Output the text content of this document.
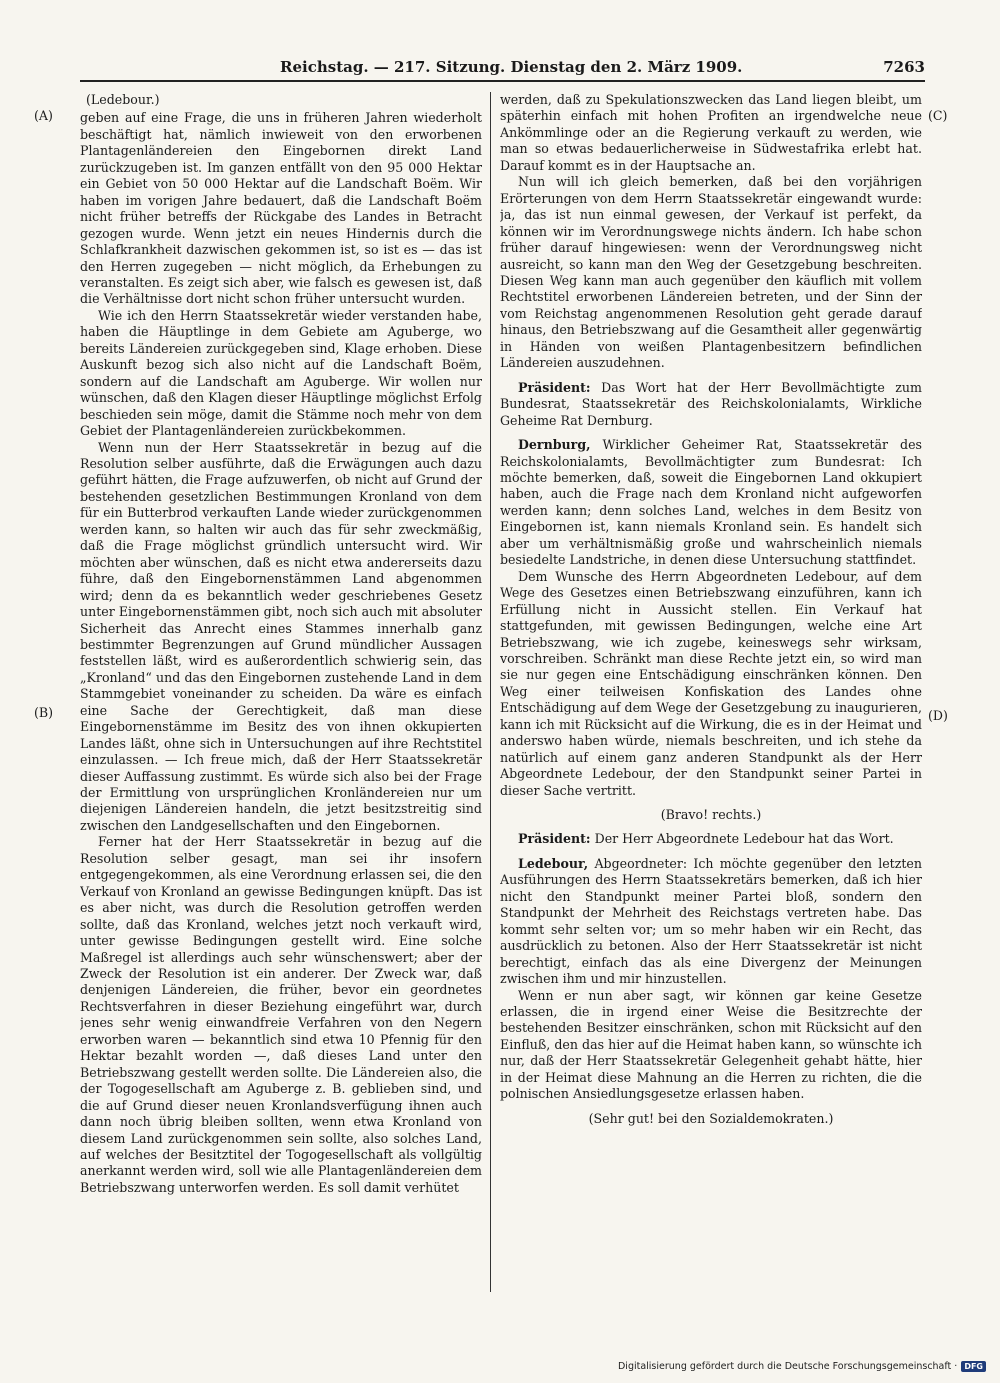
Reichstag. — 217. Sitzung. Dienstag den 2. März 1909.	7263
(A)
(B)
(C)
(D)
(Ledebour.)

geben auf eine Frage, die uns in früheren Jahren wiederholt beschäftigt hat, nämlich inwieweit von den erworbenen Plantagenländereien den Eingebornen direkt Land zurückzugeben ist. Im ganzen entfällt von den 95 000 Hektar ein Gebiet von 50 000 Hektar auf die Landschaft Boëm. Wir haben im vorigen Jahre bedauert, daß die Landschaft Boëm nicht früher betreffs der Rückgabe des Landes in Betracht gezogen wurde. Wenn jetzt ein neues Hindernis durch die Schlafkrankheit dazwischen gekommen ist, so ist es — das ist den Herren zugegeben — nicht möglich, da Erhebungen zu veranstalten. Es zeigt sich aber, wie falsch es gewesen ist, daß die Verhältnisse dort nicht schon früher untersucht wurden.

Wie ich den Herrn Staatssekretär wieder verstanden habe, haben die Häuptlinge in dem Gebiete am Aguberge, wo bereits Ländereien zurückgegeben sind, Klage erhoben. Diese Auskunft bezog sich also nicht auf die Landschaft Boëm, sondern auf die Landschaft am Aguberge. Wir wollen nur wünschen, daß den Klagen dieser Häuptlinge möglichst Erfolg beschieden sein möge, damit die Stämme noch mehr von dem Gebiet der Plantagenländereien zurückbekommen.

Wenn nun der Herr Staatssekretär in bezug auf die Resolution selber ausführte, daß die Erwägungen auch dazu geführt hätten, die Frage aufzuwerfen, ob nicht auf Grund der bestehenden gesetzlichen Bestimmungen Kronland von dem für ein Butterbrod verkauften Lande wieder zurückgenommen werden kann, so halten wir auch das für sehr zweckmäßig, daß die Frage möglichst gründlich untersucht wird. Wir möchten aber wünschen, daß es nicht etwa andererseits dazu führe, daß den Eingebornenstämmen Land abgenommen wird; denn da es bekanntlich weder geschriebenes Gesetz unter Eingebornenstämmen gibt, noch sich auch mit absoluter Sicherheit das Anrecht eines Stammes innerhalb ganz bestimmter Begrenzungen auf Grund mündlicher Aussagen feststellen läßt, wird es außerordentlich schwierig sein, das „Kronland“ und das den Eingebornen zustehende Land in dem Stammgebiet voneinander zu scheiden. Da wäre es einfach eine Sache der Gerechtigkeit, daß man diese Eingebornenstämme im Besitz des von ihnen okkupierten Landes läßt, ohne sich in Untersuchungen auf ihre Rechtstitel einzulassen. — Ich freue mich, daß der Herr Staatssekretär dieser Auffassung zustimmt. Es würde sich also bei der Frage der Ermittlung von ursprünglichen Kronländereien nur um diejenigen Ländereien handeln, die jetzt besitzstreitig sind zwischen den Landgesellschaften und den Eingebornen.

Ferner hat der Herr Staatssekretär in bezug auf die Resolution selber gesagt, man sei ihr insofern entgegengekommen, als eine Verordnung erlassen sei, die den Verkauf von Kronland an gewisse Bedingungen knüpft. Das ist es aber nicht, was durch die Resolution getroffen werden sollte, daß das Kronland, welches jetzt noch verkauft wird, unter gewisse Bedingungen gestellt wird. Eine solche Maßregel ist allerdings auch sehr wünschenswert; aber der Zweck der Resolution ist ein anderer. Der Zweck war, daß denjenigen Ländereien, die früher, bevor ein geordnetes Rechtsverfahren in dieser Beziehung eingeführt war, durch jenes sehr wenig einwandfreie Verfahren von den Negern erworben waren — bekanntlich sind etwa 10 Pfennig für den Hektar bezahlt worden —, daß dieses Land unter den Betriebszwang gestellt werden sollte. Die Ländereien also, die der Togogesellschaft am Aguberge z. B. geblieben sind, und die auf Grund dieser neuen Kronlandsverfügung ihnen auch dann noch übrig bleiben sollten, wenn etwa Kronland von diesem Land zurückgenommen sein sollte, also solches Land, auf welches der Besitztitel der Togogesellschaft als vollgültig anerkannt werden wird, soll wie alle Plantagenländereien dem Betriebszwang unterworfen werden. Es soll damit verhütet

werden, daß zu Spekulationszwecken das Land liegen bleibt, um späterhin einfach mit hohen Profiten an irgendwelche neue Ankömmlinge oder an die Regierung verkauft zu werden, wie man so etwas bedauerlicherweise in Südwestafrika erlebt hat. Darauf kommt es in der Hauptsache an.

Nun will ich gleich bemerken, daß bei den vorjährigen Erörterungen von dem Herrn Staatssekretär eingewandt wurde: ja, das ist nun einmal gewesen, der Verkauf ist perfekt, da können wir im Verordnungswege nichts ändern. Ich habe schon früher darauf hingewiesen: wenn der Verordnungsweg nicht ausreicht, so kann man den Weg der Gesetzgebung beschreiten. Diesen Weg kann man auch gegenüber den käuflich mit vollem Rechtstitel erworbenen Ländereien betreten, und der Sinn der vom Reichstag angenommenen Resolution geht gerade darauf hinaus, den Betriebszwang auf die Gesamtheit aller gegenwärtig in Händen von weißen Plantagenbesitzern befindlichen Ländereien auszudehnen.

Präsident: Das Wort hat der Herr Bevollmächtigte zum Bundesrat, Staatssekretär des Reichskolonialamts, Wirkliche Geheime Rat Dernburg.

Dernburg, Wirklicher Geheimer Rat, Staatssekretär des Reichskolonialamts, Bevollmächtigter zum Bundesrat: Ich möchte bemerken, daß, soweit die Eingebornen Land okkupiert haben, auch die Frage nach dem Kronland nicht aufgeworfen werden kann; denn solches Land, welches in dem Besitz von Eingebornen ist, kann niemals Kronland sein. Es handelt sich aber um verhältnismäßig große und wahrscheinlich niemals besiedelte Landstriche, in denen diese Untersuchung stattfindet.

Dem Wunsche des Herrn Abgeordneten Ledebour, auf dem Wege des Gesetzes einen Betriebszwang einzuführen, kann ich Erfüllung nicht in Aussicht stellen. Ein Verkauf hat stattgefunden, mit gewissen Bedingungen, welche eine Art Betriebszwang, wie ich zugebe, keineswegs sehr wirksam, vorschreiben. Schränkt man diese Rechte jetzt ein, so wird man sie nur gegen eine Entschädigung einschränken können. Den Weg einer teilweisen Konfiskation des Landes ohne Entschädigung auf dem Wege der Gesetzgebung zu inaugurieren, kann ich mit Rücksicht auf die Wirkung, die es in der Heimat und anderswo haben würde, niemals beschreiten, und ich stehe da natürlich auf einem ganz anderen Standpunkt als der Herr Abgeordnete Ledebour, der den Standpunkt seiner Partei in dieser Sache vertritt.

(Bravo! rechts.)

Präsident: Der Herr Abgeordnete Ledebour hat das Wort.

Ledebour, Abgeordneter: Ich möchte gegenüber den letzten Ausführungen des Herrn Staatssekretärs bemerken, daß ich hier nicht den Standpunkt meiner Partei bloß, sondern den Standpunkt der Mehrheit des Reichstags vertreten habe. Das kommt sehr selten vor; um so mehr haben wir ein Recht, das ausdrücklich zu betonen. Also der Herr Staatssekretär ist nicht berechtigt, einfach das als eine Divergenz der Meinungen zwischen ihm und mir hinzustellen.

Wenn er nun aber sagt, wir können gar keine Gesetze erlassen, die in irgend einer Weise die Besitzrechte der bestehenden Besitzer einschränken, schon mit Rücksicht auf den Einfluß, den das hier auf die Heimat haben kann, so wünschte ich nur, daß der Herr Staatssekretär Gelegenheit gehabt hätte, hier in der Heimat diese Mahnung an die Herren zu richten, die die polnischen Ansiedlungsgesetze erlassen haben.

(Sehr gut! bei den Sozialdemokraten.)

Digitalisierung gefördert durch die Deutsche Forschungsgemeinschaft · DFG
